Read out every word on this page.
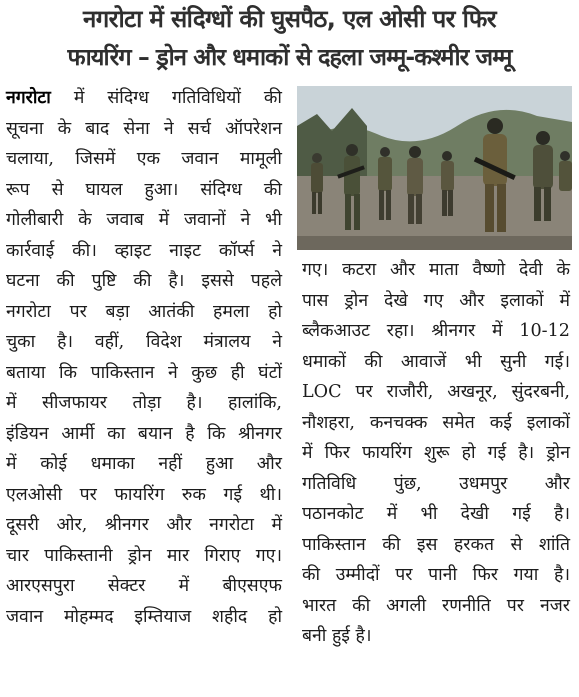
नगरोटा में संदिग्धों की घुसपैठ, एल ओसी पर फिर
फायरिंग – ड्रोन और धमाकों से दहला जम्मू-कश्मीर जम्मू
नगरोटा में संदिग्ध गतिविधियों की
सूचना के बाद सेना ने सर्च ऑपरेशन
चलाया, जिसमें एक जवान मामूली
रूप से घायल हुआ। संदिग्ध की
गोलीबारी के जवाब में जवानों ने भी
कार्रवाई की। व्हाइट नाइट कॉर्प्स ने
घटना की पुष्टि की है। इससे पहले
नगरोटा पर बड़ा आतंकी हमला हो
चुका है। वहीं, विदेश मंत्रालय ने
बताया कि पाकिस्तान ने कुछ ही घंटों
में सीजफायर तोड़ा है। हालांकि,
इंडियन आर्मी का बयान है कि श्रीनगर
में कोई धमाका नहीं हुआ और
एलओसी पर फायरिंग रुक गई थी।
दूसरी ओर, श्रीनगर और नगरोटा में
चार पाकिस्तानी ड्रोन मार गिराए गए।
आरएसपुरा सेक्टर में बीएसएफ
जवान मोहम्मद इम्तियाज शहीद हो
गए। कटरा और माता वैष्णो देवी के
पास ड्रोन देखे गए और इलाकों में
ब्लैकआउट रहा। श्रीनगर में 10-12
धमाकों की आवाजें भी सुनी गई।
LOC पर राजौरी, अखनूर, सुंदरबनी,
नौशहरा, कनचक्क समेत कई इलाकों
में फिर फायरिंग शुरू हो गई है। ड्रोन
गतिविधि पुंछ, उधमपुर और
पठानकोट में भी देखी गई है।
पाकिस्तान की इस हरकत से शांति
की उम्मीदों पर पानी फिर गया है।
भारत की अगली रणनीति पर नजर
बनी हुई है।
